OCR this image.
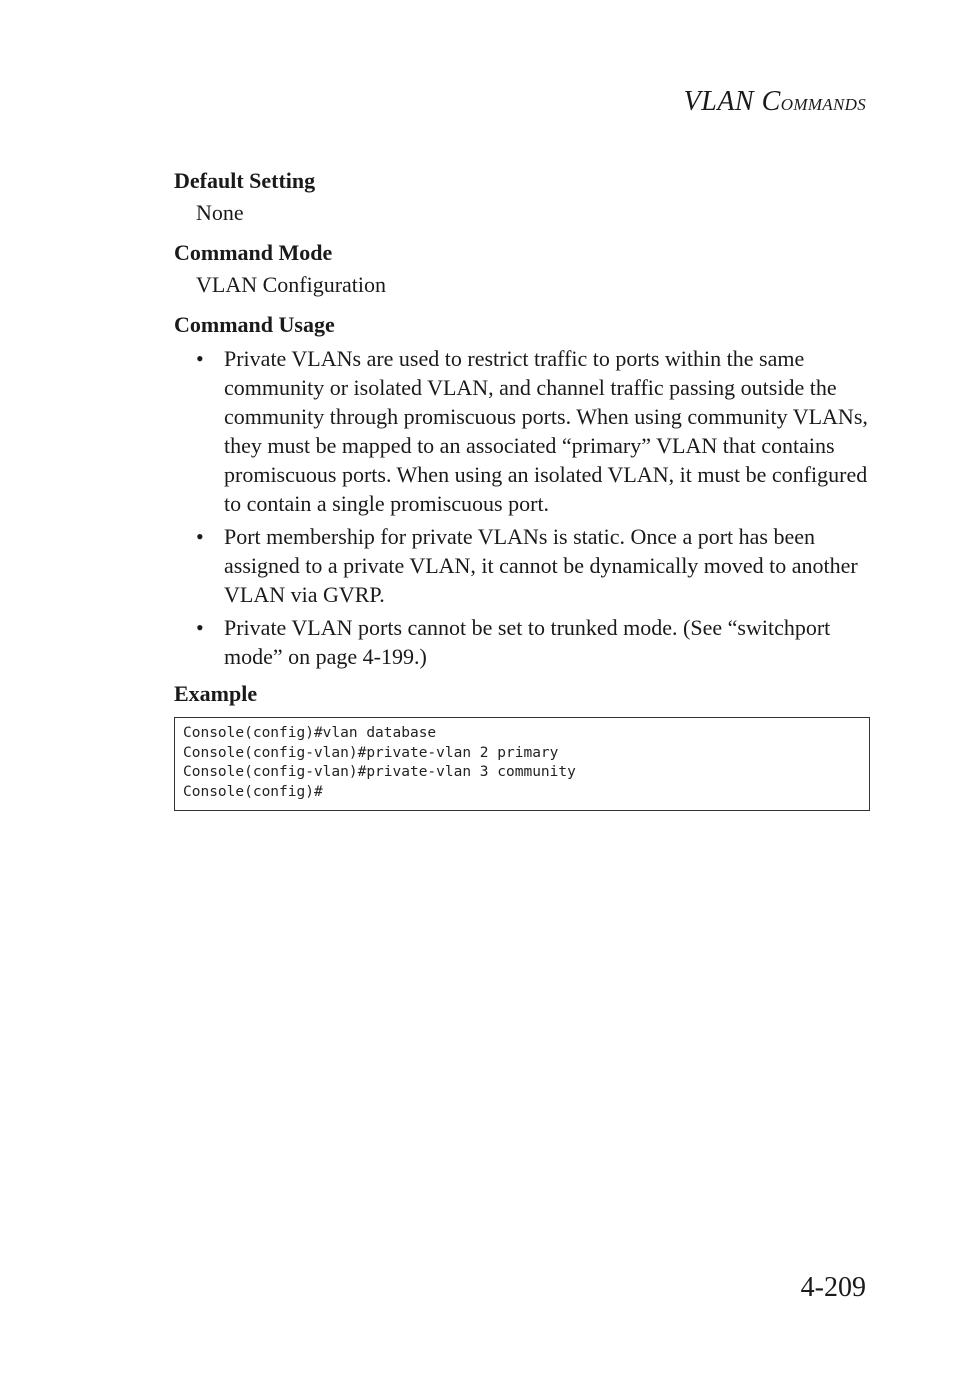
VLAN COMMANDS
Default Setting

None

Command Mode

VLAN Configuration

Command Usage
• Private VLANs are used to restrict traffic to ports within the same community or isolated VLAN, and channel traffic passing outside the community through promiscuous ports. When using community VLANs, they must be mapped to an associated “primary” VLAN that contains promiscuous ports. When using an isolated VLAN, it must be configured to contain a single promiscuous port.
• Port membership for private VLANs is static. Once a port has been assigned to a private VLAN, it cannot be dynamically moved to another VLAN via GVRP.
• Private VLAN ports cannot be set to trunked mode. (See “switchport mode” on page 4-199.)
Example
Console(config)#vlan database
Console(config-vlan)#private-vlan 2 primary
Console(config-vlan)#private-vlan 3 community
Console(config)#
4-209
